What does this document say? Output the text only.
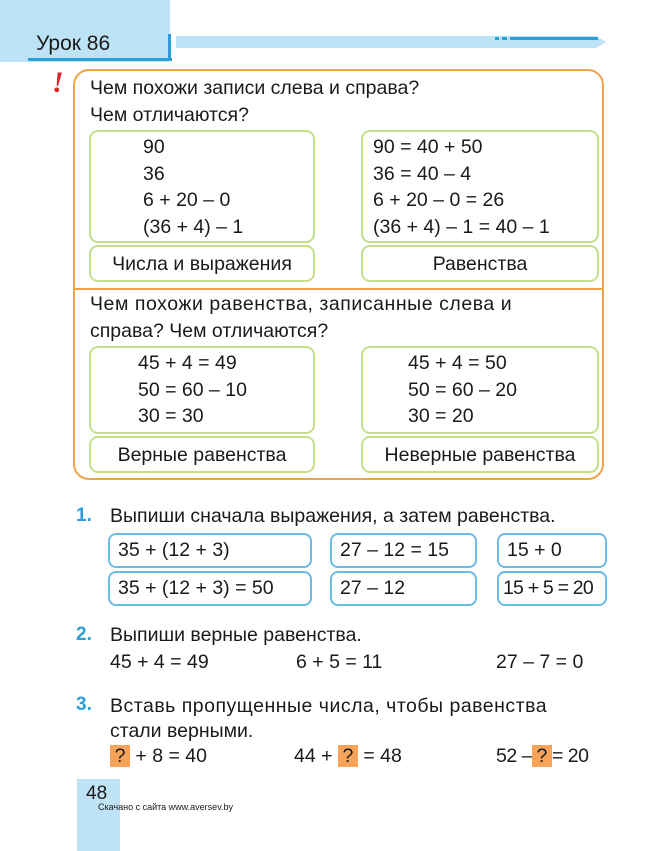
Урок 86
! Чем похожи записи слева и справа?
Чем отличаются?
90
36
6 + 20 – 0
(36 + 4) – 1
90 = 40 + 50
36 = 40 – 4
6 + 20 – 0 = 26
(36 + 4) – 1 = 40 – 1
Числа и выражения	Равенства
Чем похожи равенства, записанные слева и
справа? Чем отличаются?
45 + 4 = 49
50 = 60 – 10
30 = 30
45 + 4 = 50
50 = 60 – 20
30 = 20
Верные равенства	Неверные равенства
1. Выпиши сначала выражения, а затем равенства.
35 + (12 + 3)	27 – 12 = 15	15 + 0
35 + (12 + 3) = 50	27 – 12	15 + 5 = 20
2. Выпиши верные равенства.
45 + 4 = 49	6 + 5 = 11	27 – 7 = 0
3. Вставь пропущенные числа, чтобы равенства
стали верными.
? + 8 = 40	44 + ? = 48	52 – ? = 20
48
Скачано с сайта www.aversev.by
